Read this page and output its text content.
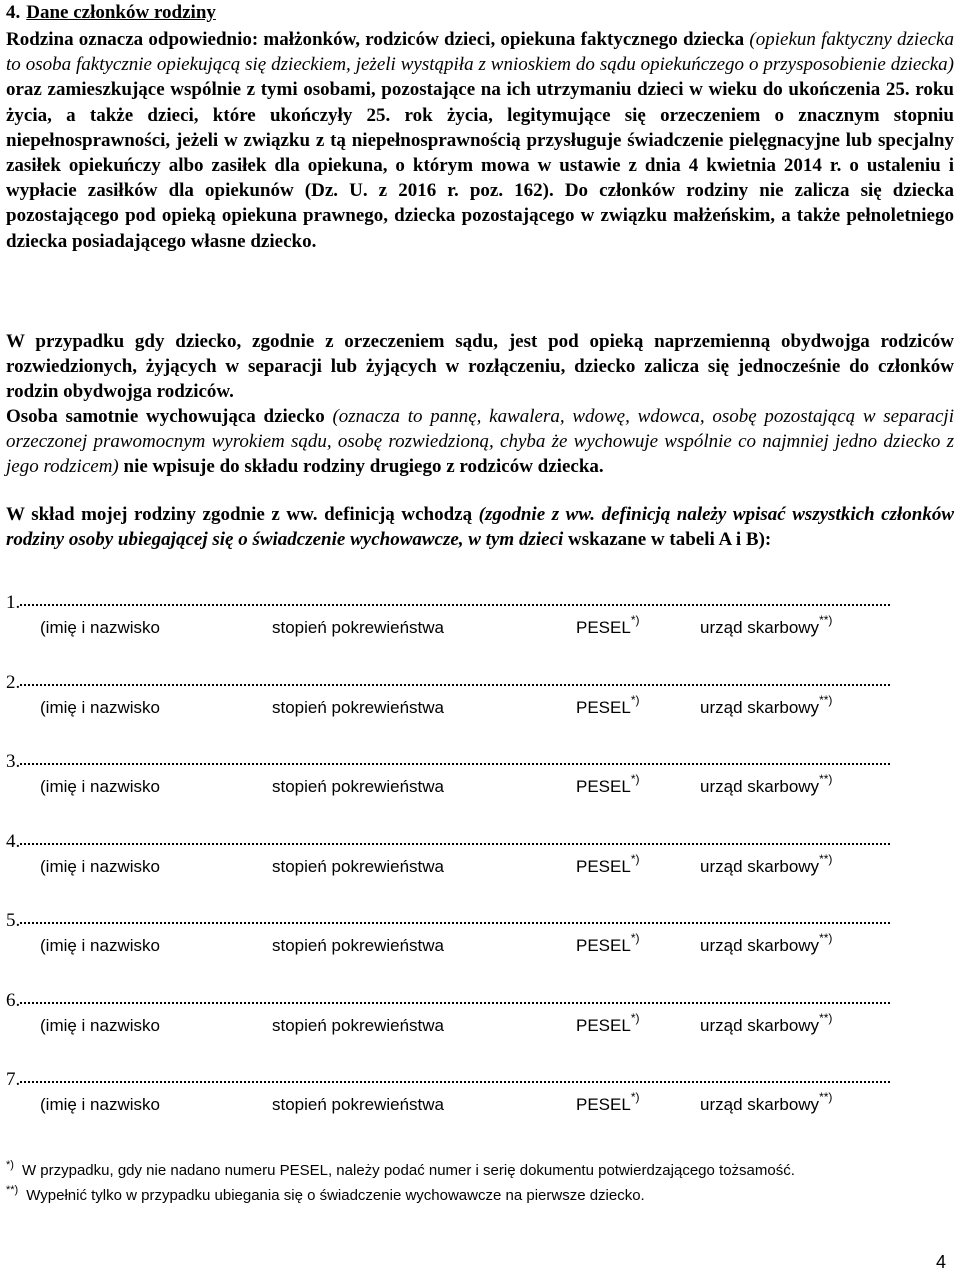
4. Dane członków rodziny

Rodzina oznacza odpowiednio: małżonków, rodziców dzieci, opiekuna faktycznego dziecka (opiekun faktyczny dziecka to osoba faktycznie opiekującą się dzieckiem, jeżeli wystąpiła z wnioskiem do sądu opiekuńczego o przysposobienie dziecka) oraz zamieszkujące wspólnie z tymi osobami, pozostające na ich utrzymaniu dzieci w wieku do ukończenia 25. roku życia, a także dzieci, które ukończyły 25. rok życia, legitymujące się orzeczeniem o znacznym stopniu niepełnosprawności, jeżeli w związku z tą niepełnosprawnością przysługuje świadczenie pielęgnacyjne lub specjalny zasiłek opiekuńczy albo zasiłek dla opiekuna, o którym mowa w ustawie z dnia 4 kwietnia 2014 r. o ustaleniu i wypłacie zasiłków dla opiekunów (Dz. U. z 2016 r. poz. 162). Do członków rodziny nie zalicza się dziecka pozostającego pod opieką opiekuna prawnego, dziecka pozostającego w związku małżeńskim, a także pełnoletniego dziecka posiadającego własne dziecko.

W przypadku gdy dziecko, zgodnie z orzeczeniem sądu, jest pod opieką naprzemienną obydwojga rodziców rozwiedzionych, żyjących w separacji lub żyjących w rozłączeniu, dziecko zalicza się jednocześnie do członków rodzin obydwojga rodziców.

Osoba samotnie wychowująca dziecko (oznacza to pannę, kawalera, wdowę, wdowca, osobę pozostającą w separacji orzeczonej prawomocnym wyrokiem sądu, osobę rozwiedzioną, chyba że wychowuje wspólnie co najmniej jedno dziecko z jego rodzicem) nie wpisuje do składu rodziny drugiego z rodziców dziecka.

W skład mojej rodziny zgodnie z ww. definicją wchodzą (zgodnie z ww. definicją należy wpisać wszystkich członków rodziny osoby ubiegającej się o świadczenie wychowawcze, w tym dzieci wskazane w tabeli A i B):

1.
(imię i nazwisko	stopień pokrewieństwa	PESEL*)	urząd skarbowy**)
2.
(imię i nazwisko	stopień pokrewieństwa	PESEL*)	urząd skarbowy**)
3.
(imię i nazwisko	stopień pokrewieństwa	PESEL*)	urząd skarbowy**)
4.
(imię i nazwisko	stopień pokrewieństwa	PESEL*)	urząd skarbowy**)
5.
(imię i nazwisko	stopień pokrewieństwa	PESEL*)	urząd skarbowy**)
6.
(imię i nazwisko	stopień pokrewieństwa	PESEL*)	urząd skarbowy**)
7.
(imię i nazwisko	stopień pokrewieństwa	PESEL*)	urząd skarbowy**)
*) W przypadku, gdy nie nadano numeru PESEL, należy podać numer i serię dokumentu potwierdzającego tożsamość.
**) Wypełnić tylko w przypadku ubiegania się o świadczenie wychowawcze na pierwsze dziecko.
4
